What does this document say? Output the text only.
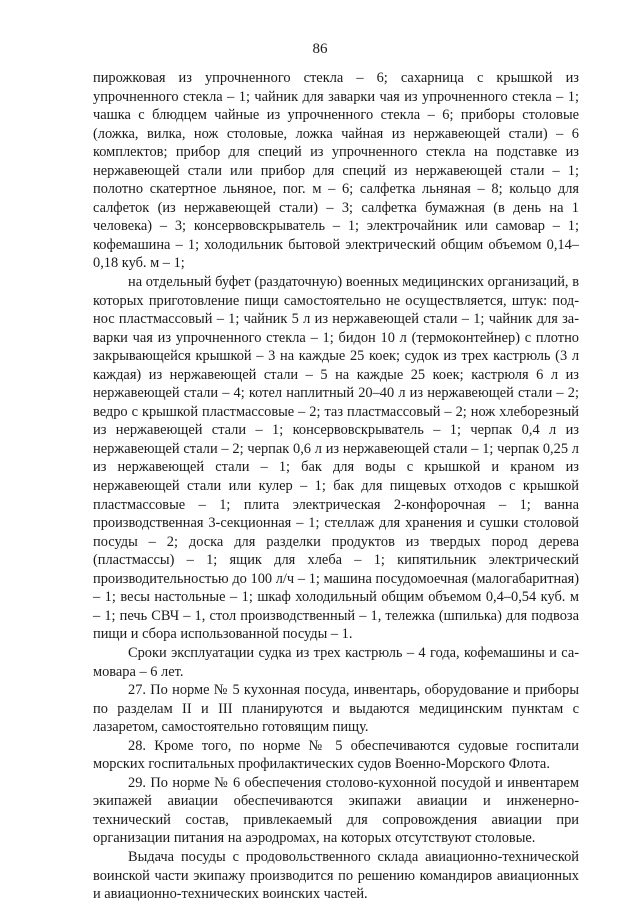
86

пирожковая из упрочненного стекла – 6; сахарница с крышкой из упрочненного стекла – 1; чайник для заварки чая из упрочненного стекла – 1; чашка с блюдцем чайные из упрочненного стекла – 6; приборы столовые (ложка, вилка, нож столовые, ложка чайная из нержавеющей стали) – 6 комплектов; прибор для специй из упрочненного стекла на подставке из нержавеющей стали или прибор для специй из нержавеющей стали – 1; полотно скатертное льняное, пог. м – 6; салфетка льняная – 8; кольцо для салфеток (из нержавеющей стали) – 3; салфетка бумажная (в день на 1 человека) – 3; консервовскрыватель – 1; электрочайник или самовар – 1; кофемашина – 1; холодильник бытовой электрический общим объемом 0,14–0,18 куб. м – 1;

на отдельный буфет (раздаточную) военных медицинских организаций, в которых приготовление пищи самостоятельно не осуществляется, штук: поднос пластмассовый – 1; чайник 5 л из нержавеющей стали – 1; чайник для заварки чая из упрочненного стекла – 1; бидон 10 л (термоконтейнер) с плотно закрывающейся крышкой – 3 на каждые 25 коек; судок из трех кастрюль (3 л каждая) из нержавеющей стали – 5 на каждые 25 коек; кастрюля 6 л из нержавеющей стали – 4; котел наплитный 20–40 л из нержавеющей стали – 2; ведро с крышкой пластмассовые – 2; таз пластмассовый – 2; нож хлеборезный из нержавеющей стали – 1; консервовскрыватель – 1; черпак 0,4 л из нержавеющей стали – 2; черпак 0,6 л из нержавеющей стали – 1; черпак 0,25 л из нержавеющей стали – 1; бак для воды с крышкой и краном из нержавеющей стали или кулер – 1; бак для пищевых отходов с крышкой пластмассовые – 1; плита электрическая 2-конфорочная – 1; ванна производственная 3-секционная – 1; стеллаж для хранения и сушки столовой посуды – 2; доска для разделки продуктов из твердых пород дерева (пластмассы) – 1; ящик для хлеба – 1; кипятильник электрический производительностью до 100 л/ч – 1; машина посудомоечная (малогабаритная) – 1; весы настольные – 1; шкаф холодильный общим объемом 0,4–0,54 куб. м – 1; печь СВЧ – 1, стол производственный – 1, тележка (шпилька) для подвоза пищи и сбора использованной посуды – 1.

Сроки эксплуатации судка из трех кастрюль – 4 года, кофемашины и самовара – 6 лет.

27. По норме № 5 кухонная посуда, инвентарь, оборудование и приборы по разделам II и III планируются и выдаются медицинским пунктам с лазаретом, самостоятельно готовящим пищу.

28. Кроме того, по норме № 5 обеспечиваются судовые госпитали морских госпитальных профилактических судов Военно-Морского Флота.

29. По норме № 6 обеспечения столово-кухонной посудой и инвентарем экипажей авиации обеспечиваются экипажи авиации и инженерно-технический состав, привлекаемый для сопровождения авиации при организации питания на аэродромах, на которых отсутствуют столовые.

Выдача посуды с продовольственного склада авиационно-технической воинской части экипажу производится по решению командиров авиационных и авиационно-технических воинских частей.
